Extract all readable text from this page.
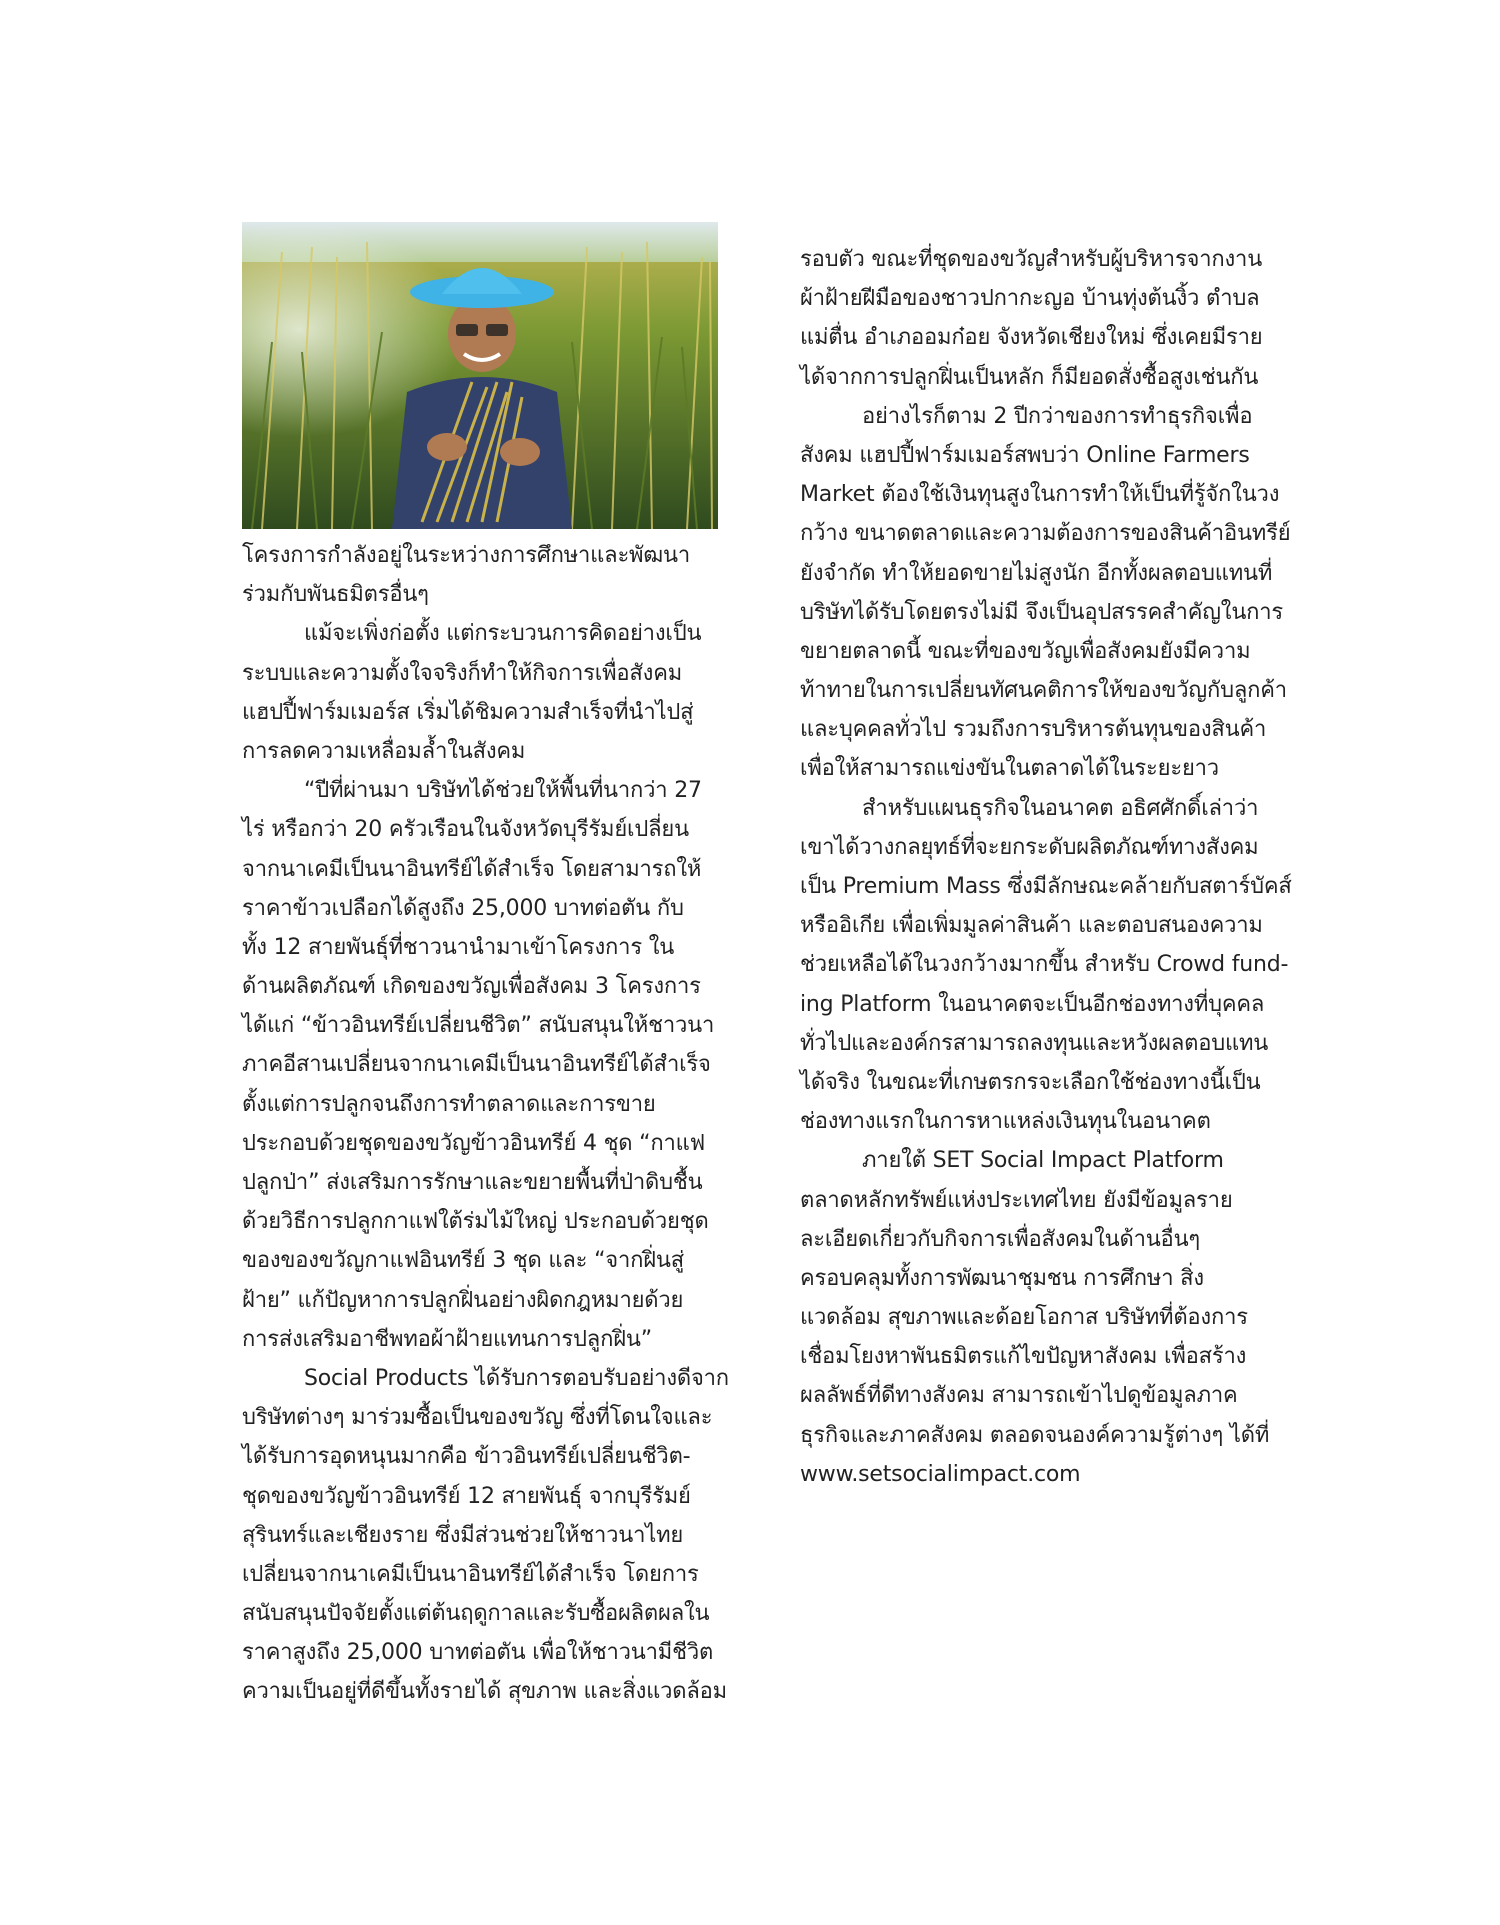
โครงการกำลังอยู่ในระหว่างการศึกษาและพัฒนา
ร่วมกับพันธมิตรอื่นๆ
แม้จะเพิ่งก่อตั้ง แต่กระบวนการคิดอย่างเป็น
ระบบและความตั้งใจจริงก็ทำให้กิจการเพื่อสังคม
แฮปปี้ฟาร์มเมอร์ส เริ่มได้ชิมความสำเร็จที่นำไปสู่
การลดความเหลื่อมล้ำในสังคม
“ปีที่ผ่านมา บริษัทได้ช่วยให้พื้นที่นากว่า 27
ไร่ หรือกว่า 20 ครัวเรือนในจังหวัดบุรีรัมย์เปลี่ยน
จากนาเคมีเป็นนาอินทรีย์ได้สำเร็จ โดยสามารถให้
ราคาข้าวเปลือกได้สูงถึง 25,000 บาทต่อตัน กับ
ทั้ง 12 สายพันธุ์ที่ชาวนานำมาเข้าโครงการ ใน
ด้านผลิตภัณฑ์ เกิดของขวัญเพื่อสังคม 3 โครงการ
ได้แก่ “ข้าวอินทรีย์เปลี่ยนชีวิต” สนับสนุนให้ชาวนา
ภาคอีสานเปลี่ยนจากนาเคมีเป็นนาอินทรีย์ได้สำเร็จ
ตั้งแต่การปลูกจนถึงการทำตลาดและการขาย
ประกอบด้วยชุดของขวัญข้าวอินทรีย์ 4 ชุด “กาแฟ
ปลูกป่า” ส่งเสริมการรักษาและขยายพื้นที่ป่าดิบชื้น
ด้วยวิธีการปลูกกาแฟใต้ร่มไม้ใหญ่ ประกอบด้วยชุด
ของของขวัญกาแฟอินทรีย์ 3 ชุด และ “จากฝิ่นสู่
ฝ้าย” แก้ปัญหาการปลูกฝิ่นอย่างผิดกฎหมายด้วย
การส่งเสริมอาชีพทอผ้าฝ้ายแทนการปลูกฝิ่น”
Social Products ได้รับการตอบรับอย่างดีจาก
บริษัทต่างๆ มาร่วมซื้อเป็นของขวัญ ซึ่งที่โดนใจและ
ได้รับการอุดหนุนมากคือ ข้าวอินทรีย์เปลี่ยนชีวิต-
ชุดของขวัญข้าวอินทรีย์ 12 สายพันธุ์ จากบุรีรัมย์
สุรินทร์และเชียงราย ซึ่งมีส่วนช่วยให้ชาวนาไทย
เปลี่ยนจากนาเคมีเป็นนาอินทรีย์ได้สำเร็จ โดยการ
สนับสนุนปัจจัยตั้งแต่ต้นฤดูกาลและรับซื้อผลิตผลใน
ราคาสูงถึง 25,000 บาทต่อตัน เพื่อให้ชาวนามีชีวิต
ความเป็นอยู่ที่ดีขึ้นทั้งรายได้ สุขภาพ และสิ่งแวดล้อม
รอบตัว ขณะที่ชุดของขวัญสำหรับผู้บริหารจากงาน
ผ้าฝ้ายฝีมือของชาวปกากะญอ บ้านทุ่งต้นงิ้ว ตำบล
แม่ตื่น อำเภออมก๋อย จังหวัดเชียงใหม่ ซึ่งเคยมีราย
ได้จากการปลูกฝิ่นเป็นหลัก ก็มียอดสั่งซื้อสูงเช่นกัน
อย่างไรก็ตาม 2 ปีกว่าของการทำธุรกิจเพื่อ
สังคม แฮปปี้ฟาร์มเมอร์สพบว่า Online Farmers
Market ต้องใช้เงินทุนสูงในการทำให้เป็นที่รู้จักในวง
กว้าง ขนาดตลาดและความต้องการของสินค้าอินทรีย์
ยังจำกัด ทำให้ยอดขายไม่สูงนัก อีกทั้งผลตอบแทนที่
บริษัทได้รับโดยตรงไม่มี จึงเป็นอุปสรรคสำคัญในการ
ขยายตลาดนี้ ขณะที่ของขวัญเพื่อสังคมยังมีความ
ท้าทายในการเปลี่ยนทัศนคติการให้ของขวัญกับลูกค้า
และบุคคลทั่วไป รวมถึงการบริหารต้นทุนของสินค้า
เพื่อให้สามารถแข่งขันในตลาดได้ในระยะยาว
สำหรับแผนธุรกิจในอนาคต อธิศศักดิ์เล่าว่า
เขาได้วางกลยุทธ์ที่จะยกระดับผลิตภัณฑ์ทางสังคม
เป็น Premium Mass ซึ่งมีลักษณะคล้ายกับสตาร์บัคส์
หรืออิเกีย เพื่อเพิ่มมูลค่าสินค้า และตอบสนองความ
ช่วยเหลือได้ในวงกว้างมากขึ้น สำหรับ Crowd fund-
ing Platform ในอนาคตจะเป็นอีกช่องทางที่บุคคล
ทั่วไปและองค์กรสามารถลงทุนและหวังผลตอบแทน
ได้จริง ในขณะที่เกษตรกรจะเลือกใช้ช่องทางนี้เป็น
ช่องทางแรกในการหาแหล่งเงินทุนในอนาคต
ภายใต้ SET Social Impact Platform
ตลาดหลักทรัพย์แห่งประเทศไทย ยังมีข้อมูลราย
ละเอียดเกี่ยวกับกิจการเพื่อสังคมในด้านอื่นๆ
ครอบคลุมทั้งการพัฒนาชุมชน การศึกษา สิ่ง
แวดล้อม สุขภาพและด้อยโอกาส บริษัทที่ต้องการ
เชื่อมโยงหาพันธมิตรแก้ไขปัญหาสังคม เพื่อสร้าง
ผลลัพธ์ที่ดีทางสังคม สามารถเข้าไปดูข้อมูลภาค
ธุรกิจและภาคสังคม ตลอดจนองค์ความรู้ต่างๆ ได้ที่
www.setsocialimpact.com
